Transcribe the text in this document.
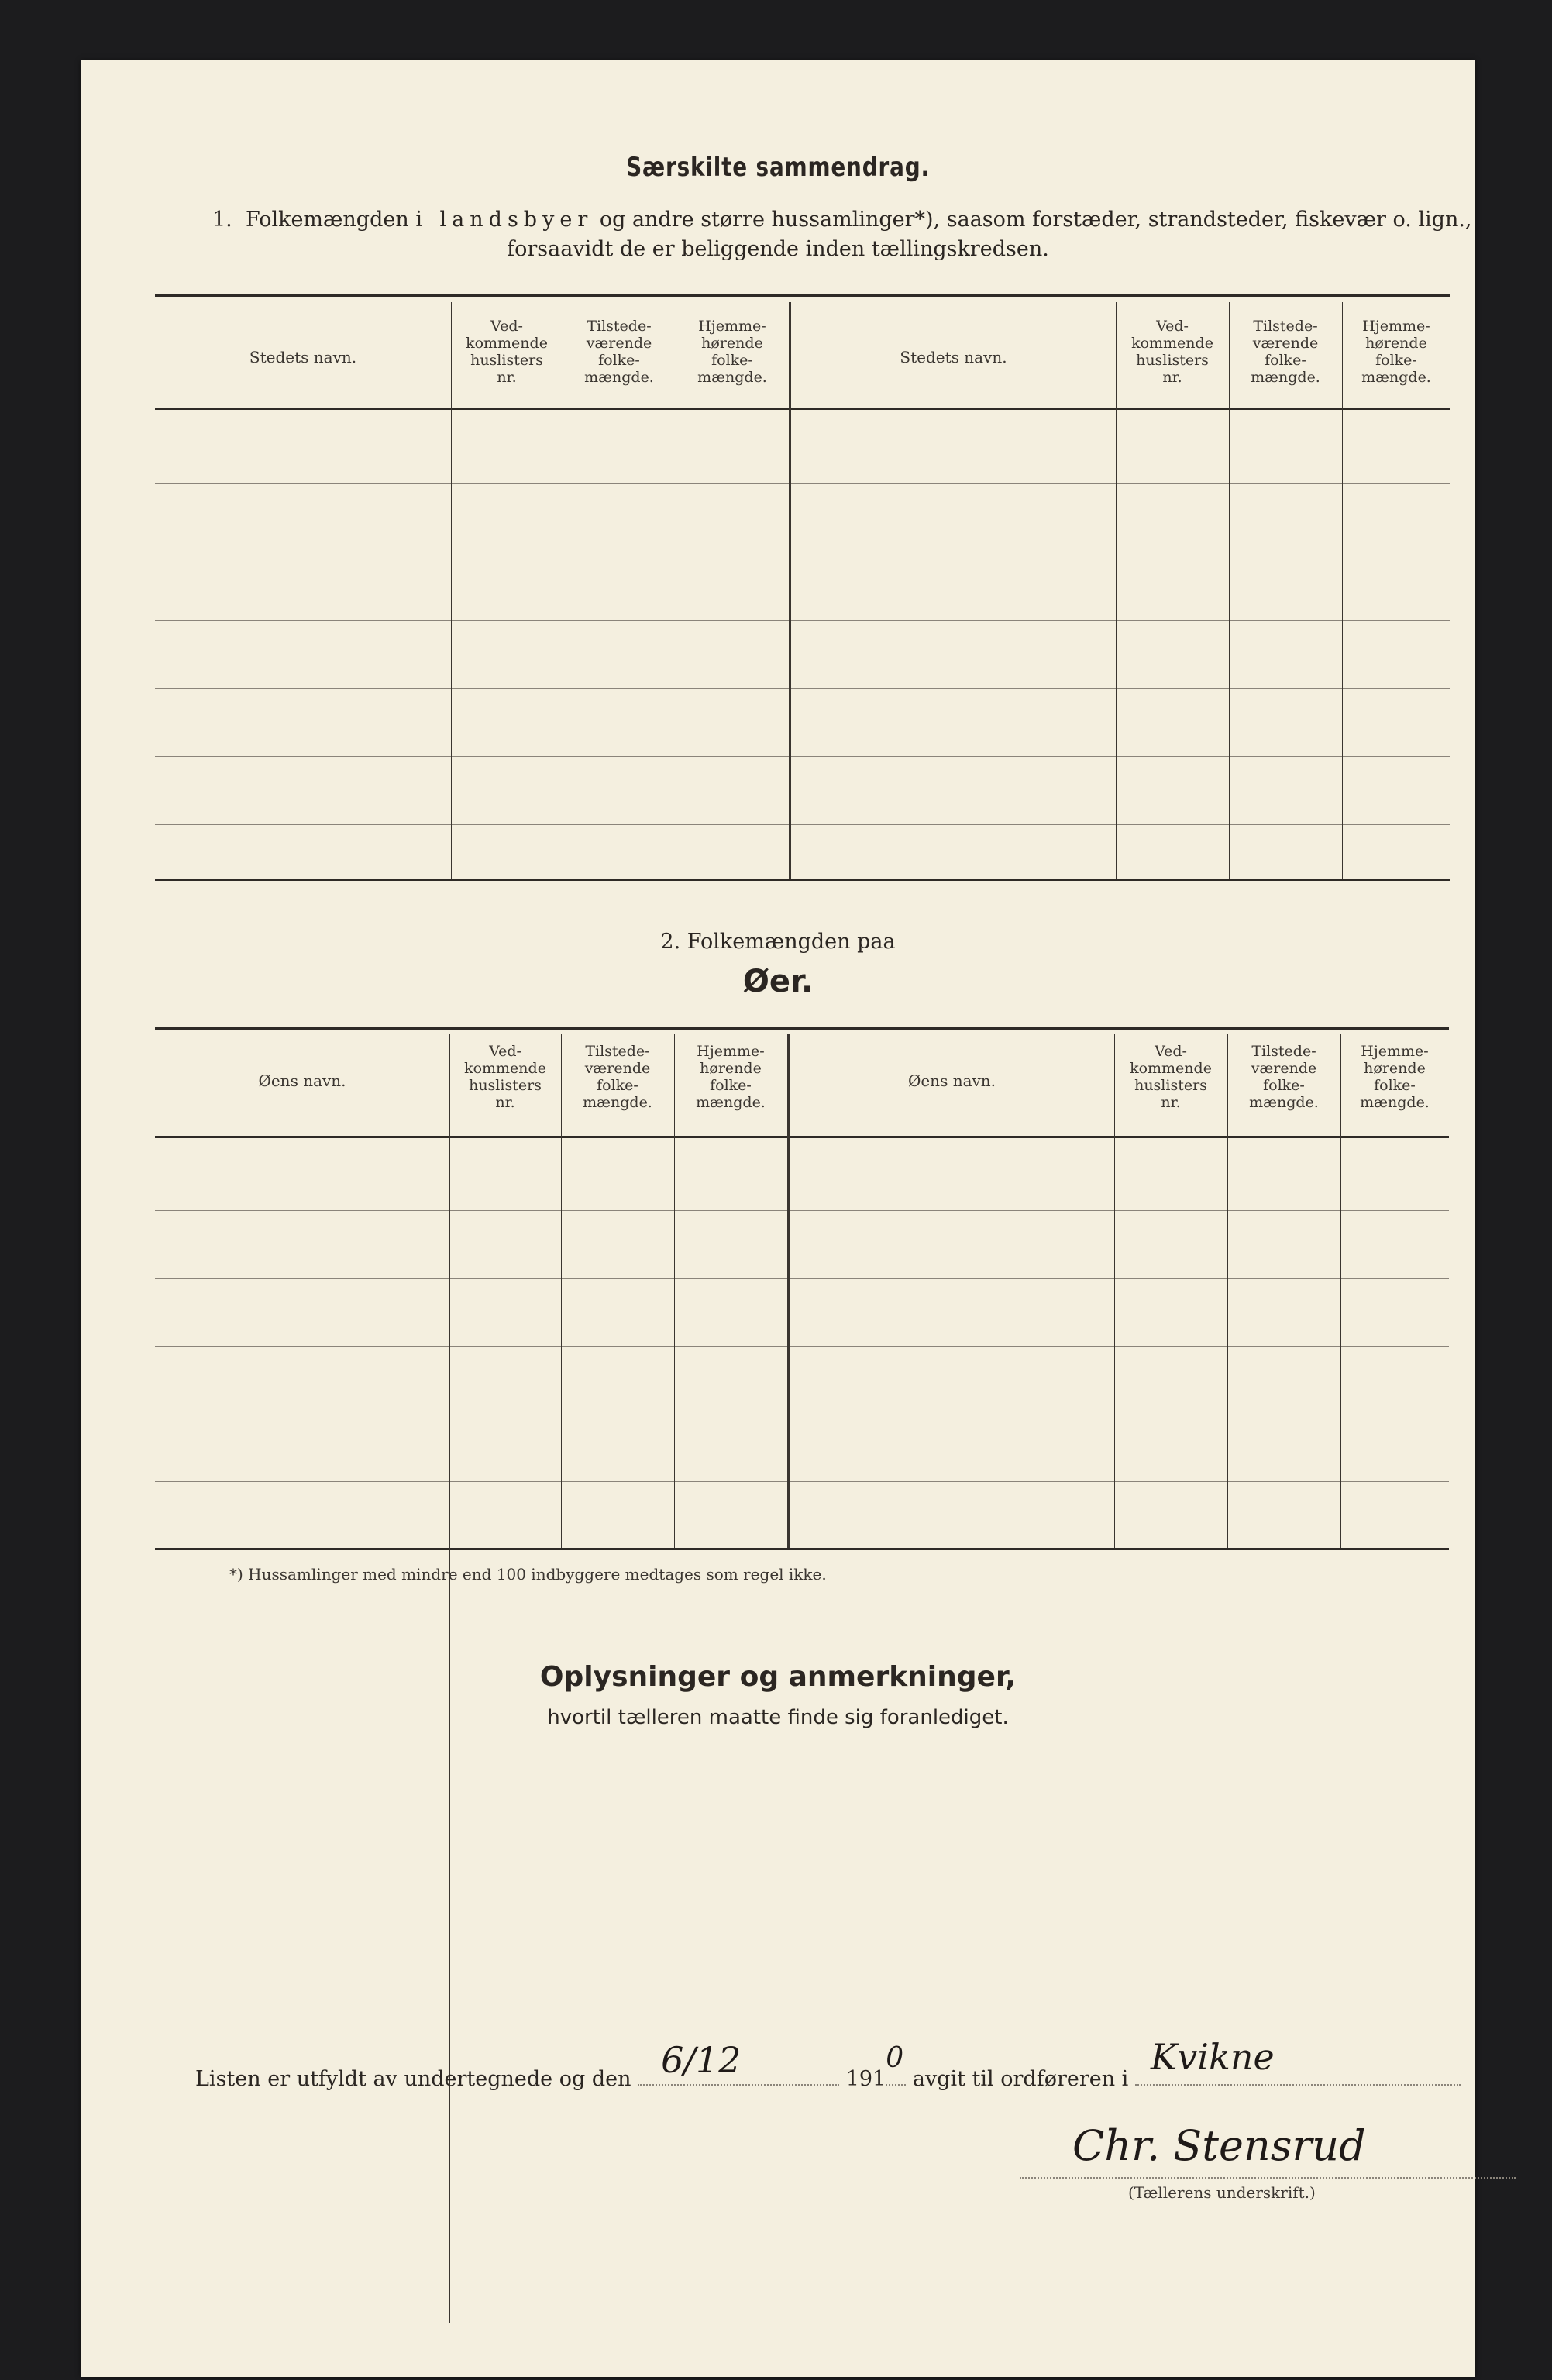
Særskilte sammendrag.
1. Folkemængden i landsbyer og andre større hussamlinger*), saasom forstæder, strandsteder, fiskevær o. lign.,
forsaavidt de er beliggende inden tællingskredsen.
Stedets navn.
Ved-
kommende
huslisters
nr.
Tilstede-
værende
folke-
mængde.
Hjemme-
hørende
folke-
mængde.
Stedets navn.
Ved-
kommende
huslisters
nr.
Tilstede-
værende
folke-
mængde.
Hjemme-
hørende
folke-
mængde.
2. Folkemængden paa
Øer.
Øens navn.
Ved-
kommende
huslisters
nr.
Tilstede-
værende
folke-
mængde.
Hjemme-
hørende
folke-
mængde.
Øens navn.
Ved-
kommende
huslisters
nr.
Tilstede-
værende
folke-
mængde.
Hjemme-
hørende
folke-
mængde.
*) Hussamlinger med mindre end 100 indbyggere medtages som regel ikke.
Oplysninger og anmerkninger,
hvortil tælleren maatte finde sig foranlediget.
Listen er utfyldt av undertegnede og den 6/12	191
0
avgit til ordføreren i
Kvikne
Chr. Stensrud
(Tællerens underskrift.)
